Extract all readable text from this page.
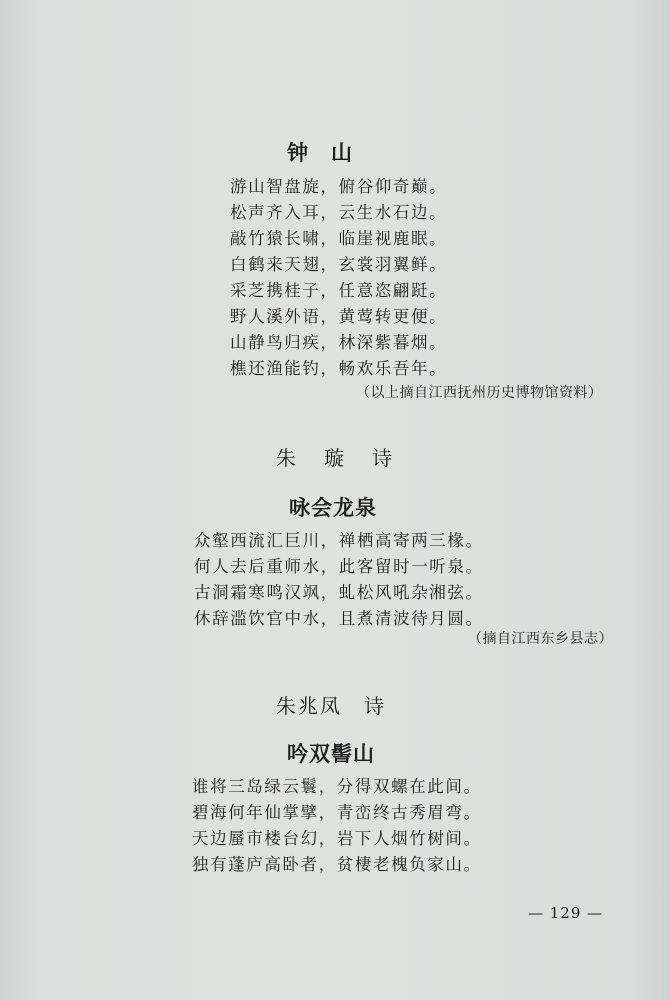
钟　山
游山智盘旋，俯谷仰奇巅。
松声齐入耳，云生水石边。
敲竹猿长啸，临崖视鹿眠。
白鹤来天翅，玄裳羽翼鲜。
采芝携桂子，任意恣翩跹。
野人溪外语，黄莺转更便。
山静鸟归疾，林深紫暮烟。
樵还渔能钓，畅欢乐吾年。
（以上摘自江西抚州历史博物馆资料）
朱　璇　诗
咏会龙泉
众壑西流汇巨川，禅栖高寄两三椽。
何人去后重师水，此客留时一听泉。
古洞霜寒鸣汉飒，虬松风吼杂湘弦。
休辞滥饮官中水，且煮清波待月圆。
（摘自江西东乡县志）
朱兆凤　诗
吟双髻山
谁将三岛绿云鬟，分得双螺在此间。
碧海何年仙掌擘，青峦终古秀眉弯。
天边蜃市楼台幻，岩下人烟竹树间。
独有蓬庐高卧者，贫棲老槐负家山。
— 129 —
